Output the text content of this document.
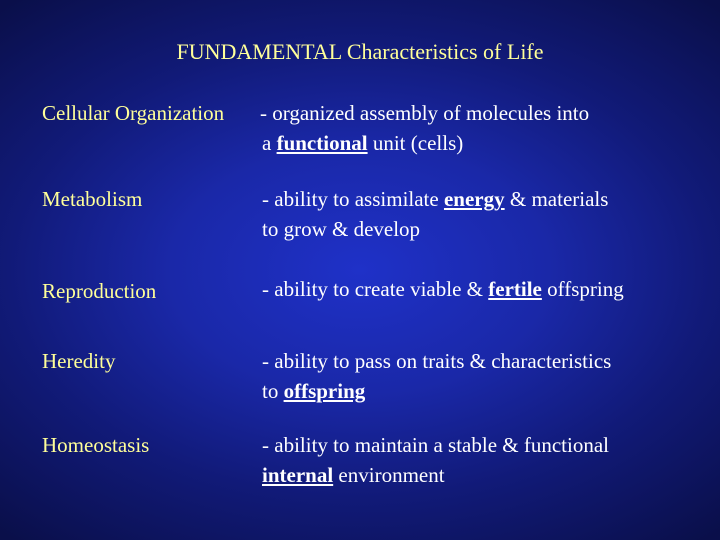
FUNDAMENTAL Characteristics of Life
Cellular Organization - organized assembly of molecules into
a functional unit (cells)
Metabolism	- ability to assimilate energy & materials
to grow & develop
Reproduction	- ability to create viable & fertile offspring
Heredity	- ability to pass on traits & characteristics
to offspring
Homeostasis	- ability to maintain a stable & functional
internal environment
